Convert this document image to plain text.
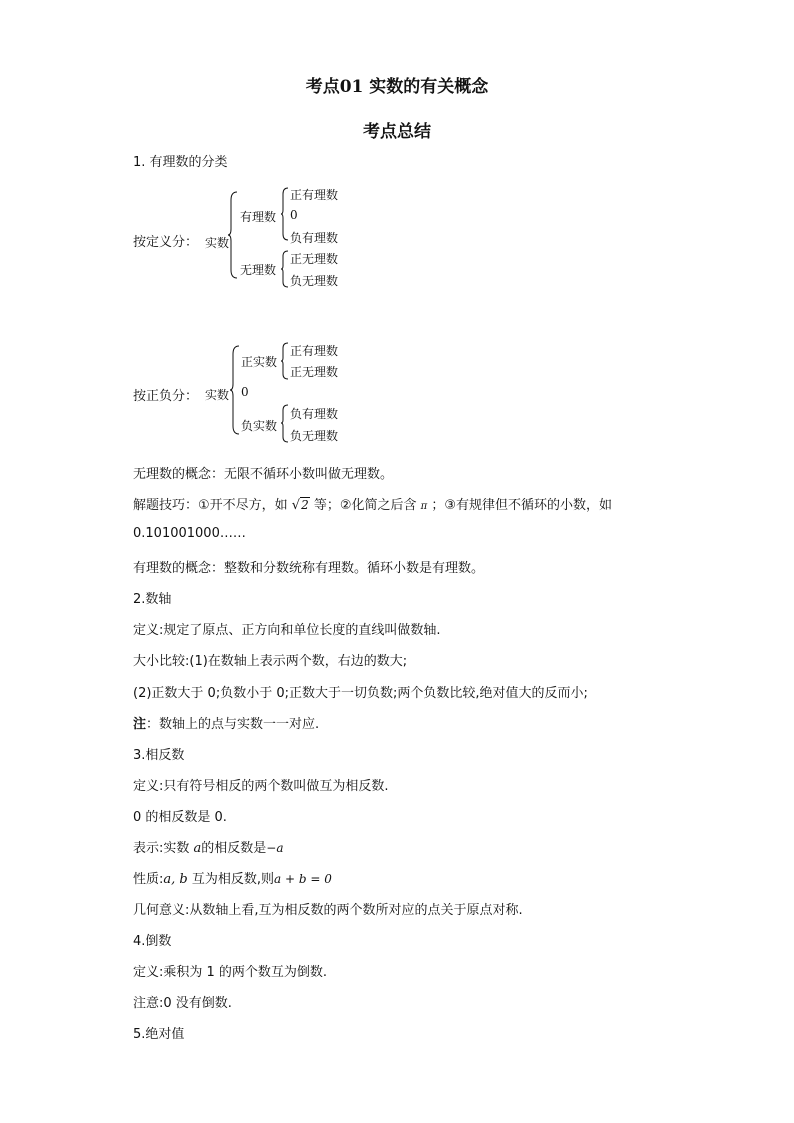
考点01 实数的有关概念
考点总结
1. 有理数的分类
按定义分： 实数
有理数
正有理数
0
负有理数
无理数
正无理数
负无理数
按正负分： 实数
正实数
正有理数
正无理数
0
负实数
负有理数
负无理数
无理数的概念：无限不循环小数叫做无理数。
解题技巧：①开不尽方，如 √2 等；②化简之后含 π ；③有规律但不循环的小数，如
0.101001000……
有理数的概念：整数和分数统称有理数。循环小数是有理数。
2.数轴
定义:规定了原点、正方向和单位长度的直线叫做数轴.
大小比较:(1)在数轴上表示两个数，右边的数大;
(2)正数大于 0;负数小于 0;正数大于一切负数;两个负数比较,绝对值大的反而小;
注：数轴上的点与实数一一对应.
3.相反数
定义:只有符号相反的两个数叫做互为相反数.
0 的相反数是 0.
表示:实数 a的相反数是−a
性质:a, b 互为相反数,则a + b = 0
几何意义:从数轴上看,互为相反数的两个数所对应的点关于原点对称.
4.倒数
定义:乘积为 1 的两个数互为倒数.
注意:0 没有倒数.
5.绝对值
